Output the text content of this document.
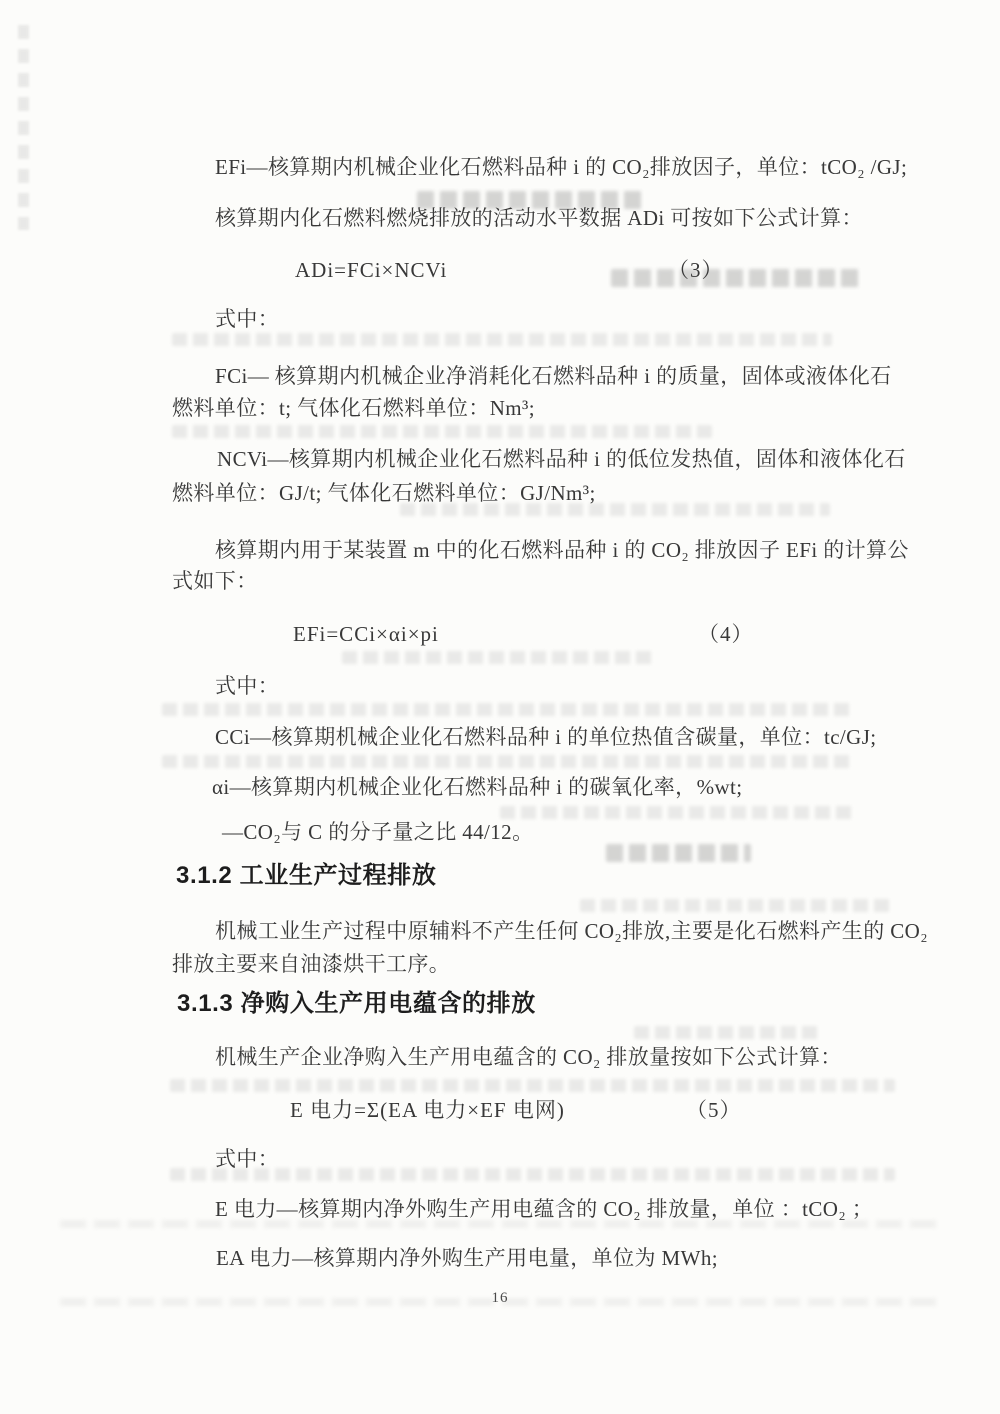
EFi—核算期内机械企业化石燃料品种 i 的 CO₂排放因子，单位：tCO₂ /GJ;

核算期内化石燃料燃烧排放的活动水平数据 ADi 可按如下公式计算：

ADi=FCi×NCVi	（3）

式中：

FCi— 核算期内机械企业净消耗化石燃料品种 i 的质量，固体或液体化石

燃料单位：t; 气体化石燃料单位：Nm³;

NCVi—核算期内机械企业化石燃料品种 i 的低位发热值，固体和液体化石

燃料单位：GJ/t; 气体化石燃料单位：GJ/Nm³;

核算期内用于某装置 m 中的化石燃料品种 i 的 CO₂ 排放因子 EFi 的计算公

式如下：

EFi=CCi×αi×pi	（4）

式中：

CCi—核算期机械企业化石燃料品种 i 的单位热值含碳量，单位：tc/GJ;

αi—核算期内机械企业化石燃料品种 i 的碳氧化率，%wt;

—CO₂与 C 的分子量之比 44/12。

3.1.2 工业生产过程排放

机械工业生产过程中原辅料不产生任何 CO₂排放,主要是化石燃料产生的 CO₂

排放主要来自油漆烘干工序。

3.1.3 净购入生产用电蕴含的排放

机械生产企业净购入生产用电蕴含的 CO₂ 排放量按如下公式计算：

E 电力=Σ(EA 电力×EF 电网)	（5）

式中：

E 电力—核算期内净外购生产用电蕴含的 CO₂ 排放量，单位 ：tCO₂ ；

EA 电力—核算期内净外购生产用电量，单位为 MWh;

16
